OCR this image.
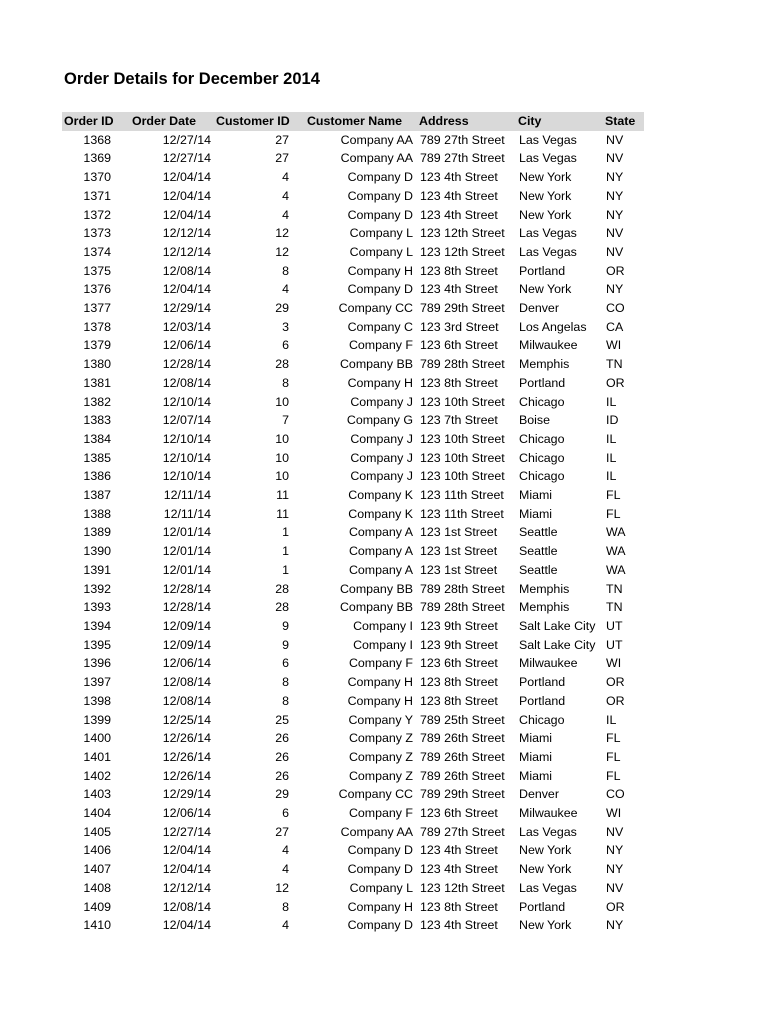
Order Details for December 2014
Order ID	Order Date	Customer ID	Customer Name	Address	City	State
1368	12/27/14	27	Company AA	789 27th Street	Las Vegas	NV
1369	12/27/14	27	Company AA	789 27th Street	Las Vegas	NV
1370	12/04/14	4	Company D	123 4th Street	New York	NY
1371	12/04/14	4	Company D	123 4th Street	New York	NY
1372	12/04/14	4	Company D	123 4th Street	New York	NY
1373	12/12/14	12	Company L	123 12th Street	Las Vegas	NV
1374	12/12/14	12	Company L	123 12th Street	Las Vegas	NV
1375	12/08/14	8	Company H	123 8th Street	Portland	OR
1376	12/04/14	4	Company D	123 4th Street	New York	NY
1377	12/29/14	29	Company CC	789 29th Street	Denver	CO
1378	12/03/14	3	Company C	123 3rd Street	Los Angelas	CA
1379	12/06/14	6	Company F	123 6th Street	Milwaukee	WI
1380	12/28/14	28	Company BB	789 28th Street	Memphis	TN
1381	12/08/14	8	Company H	123 8th Street	Portland	OR
1382	12/10/14	10	Company J	123 10th Street	Chicago	IL
1383	12/07/14	7	Company G	123 7th Street	Boise	ID
1384	12/10/14	10	Company J	123 10th Street	Chicago	IL
1385	12/10/14	10	Company J	123 10th Street	Chicago	IL
1386	12/10/14	10	Company J	123 10th Street	Chicago	IL
1387	12/11/14	11	Company K	123 11th Street	Miami	FL
1388	12/11/14	11	Company K	123 11th Street	Miami	FL
1389	12/01/14	1	Company A	123 1st Street	Seattle	WA
1390	12/01/14	1	Company A	123 1st Street	Seattle	WA
1391	12/01/14	1	Company A	123 1st Street	Seattle	WA
1392	12/28/14	28	Company BB	789 28th Street	Memphis	TN
1393	12/28/14	28	Company BB	789 28th Street	Memphis	TN
1394	12/09/14	9	Company I	123 9th Street	Salt Lake City	UT
1395	12/09/14	9	Company I	123 9th Street	Salt Lake City	UT
1396	12/06/14	6	Company F	123 6th Street	Milwaukee	WI
1397	12/08/14	8	Company H	123 8th Street	Portland	OR
1398	12/08/14	8	Company H	123 8th Street	Portland	OR
1399	12/25/14	25	Company Y	789 25th Street	Chicago	IL
1400	12/26/14	26	Company Z	789 26th Street	Miami	FL
1401	12/26/14	26	Company Z	789 26th Street	Miami	FL
1402	12/26/14	26	Company Z	789 26th Street	Miami	FL
1403	12/29/14	29	Company CC	789 29th Street	Denver	CO
1404	12/06/14	6	Company F	123 6th Street	Milwaukee	WI
1405	12/27/14	27	Company AA	789 27th Street	Las Vegas	NV
1406	12/04/14	4	Company D	123 4th Street	New York	NY
1407	12/04/14	4	Company D	123 4th Street	New York	NY
1408	12/12/14	12	Company L	123 12th Street	Las Vegas	NV
1409	12/08/14	8	Company H	123 8th Street	Portland	OR
1410	12/04/14	4	Company D	123 4th Street	New York	NY
